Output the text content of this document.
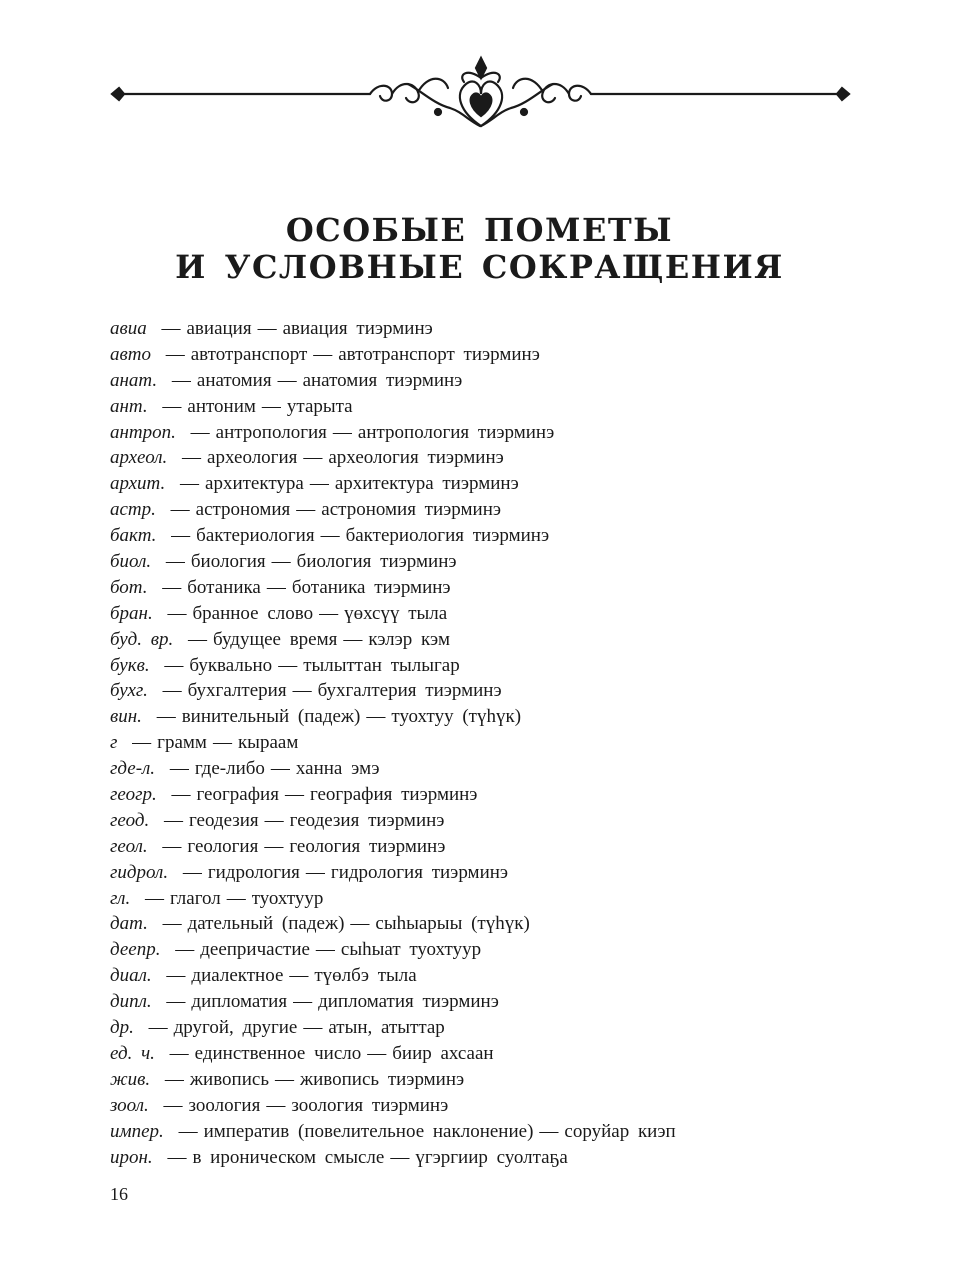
ОСОБЫЕ ПОМЕТЫ
И УСЛОВНЫЕ СОКРАЩЕНИЯ
авиа — авиация — авиация тиэрминэ
авто — автотранспорт — автотранспорт тиэрминэ
анат. — анатомия — анатомия тиэрминэ
ант. — антоним — утарыта
антроп. — антропология — антропология тиэрминэ
археол. — археология — археология тиэрминэ
архит. — архитектура — архитектура тиэрминэ
астр. — астрономия — астрономия тиэрминэ
бакт. — бактериология — бактериология тиэрминэ
биол. — биология — биология тиэрминэ
бот. — ботаника — ботаника тиэрминэ
бран. — бранное слово — үөхсүү тыла
буд. вр. — будущее время — кэлэр кэм
букв. — буквально — тылыттан тылыгар
бухг. — бухгалтерия — бухгалтерия тиэрминэ
вин. — винительный (падеж) — туохтуу (түһүк)
г — грамм — кыраам
где-л. — где-либо — ханна эмэ
геогр. — география — география тиэрминэ
геод. — геодезия — геодезия тиэрминэ
геол. — геология — геология тиэрминэ
гидрол. — гидрология — гидрология тиэрминэ
гл. — глагол — туохтуур
дат. — дательный (падеж) — сыһыарыы (түһүк)
деепр. — деепричастие — сыһыат туохтуур
диал. — диалектное — түөлбэ тыла
дипл. — дипломатия — дипломатия тиэрминэ
др. — другой, другие — атын, атыттар
ед. ч. — единственное число — биир ахсаан
жив. — живопись — живопись тиэрминэ
зоол. — зоология — зоология тиэрминэ
импер. — императив (повелительное наклонение) — соруйар киэп
ирон. — в ироническом смысле — үгэргиир суолтаҕа
16
